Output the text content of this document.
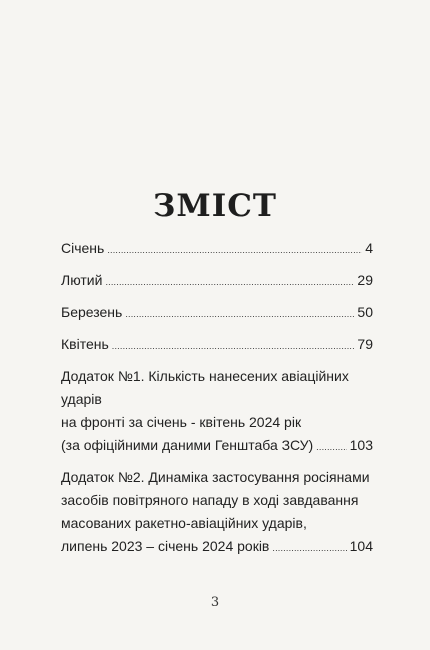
ЗМІСТ
Січень .....	4
Лютий .....	29
Березень .....	50
Квітень .....	79
Додаток №1. Кількість нанесених авіаційних ударів
на фронті за січень - квітень 2024 рік
(за офіційними даними Генштаба ЗСУ) .....	103
Додаток №2. Динаміка застосування росіянами
засобів повітряного нападу в ході завдавання
масованих ракетно-авіаційних ударів,
липень 2023 – січень 2024 років .....	104
3
